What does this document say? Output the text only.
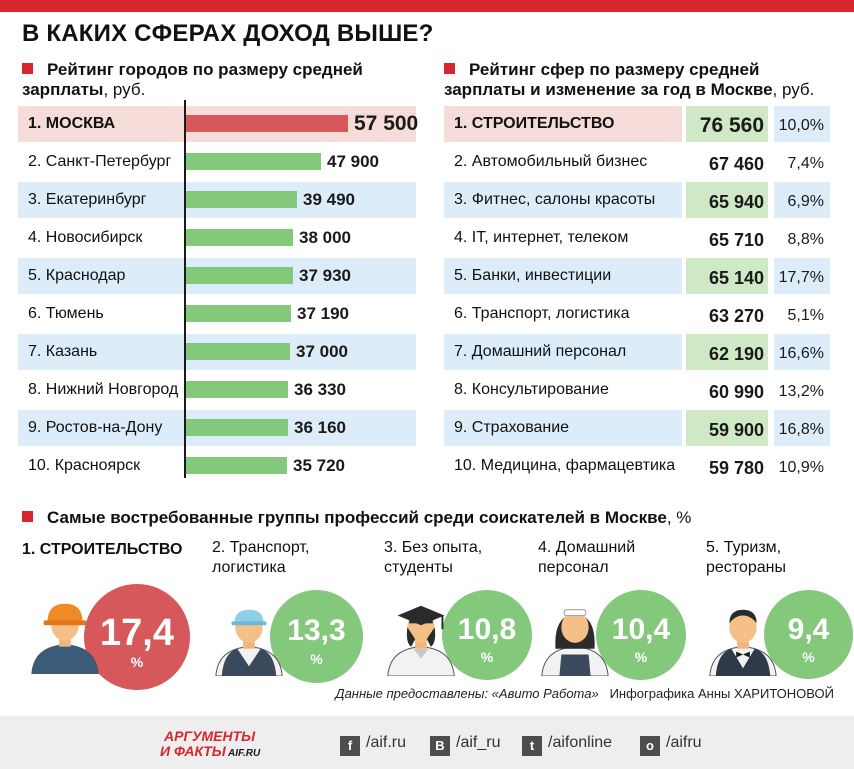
В КАКИХ СФЕРАХ ДОХОД ВЫШЕ?
Рейтинг городов по размеру средней зарплаты, руб.
Рейтинг сфер по размеру средней зарплаты и изменение за год в Москве, руб.
1. МОСКВА	57 500
2. Санкт-Петербург	47 900
3. Екатеринбург	39 490
4. Новосибирск	38 000
5. Краснодар	37 930
6. Тюмень	37 190
7. Казань	37 000
8. Нижний Новгород	36 330
9. Ростов-на-Дону	36 160
10. Красноярск	35 720
1. СТРОИТЕЛЬСТВО	76 560 10,0%
2. Автомобильный бизнес	67 460	7,4%
3. Фитнес, салоны красоты	65 940	6,9%
4. IT, интернет, телеком	65 710	8,8%
5. Банки, инвестиции	65 140 17,7%
6. Транспорт, логистика	63 270	5,1%
7. Домашний персонал	62 190 16,6%
8. Консультирование	60 990 13,2%
9. Страхование	59 900 16,8%
10. Медицина, фармацевтика	59 780 10,9%
Самые востребованные группы профессий среди соискателей в Москве, %
1. СТРОИТЕЛЬСТВО
17,4
%
2. Транспорт,
логистика
13,3
%
3. Без опыта,
студенты
10,8
%
4. Домашний
персонал
10,4
%
5. Туризм,
рестораны
9,4
%
Данные предоставлены: «Авито Работа» Инфографика Анны ХАРИТОНОВОЙ
АРГУМЕНТЫ
И ФАКТЫ AIF.RU
f /aif.ru	В /aif_ru	t /aifonline	о /aifru
